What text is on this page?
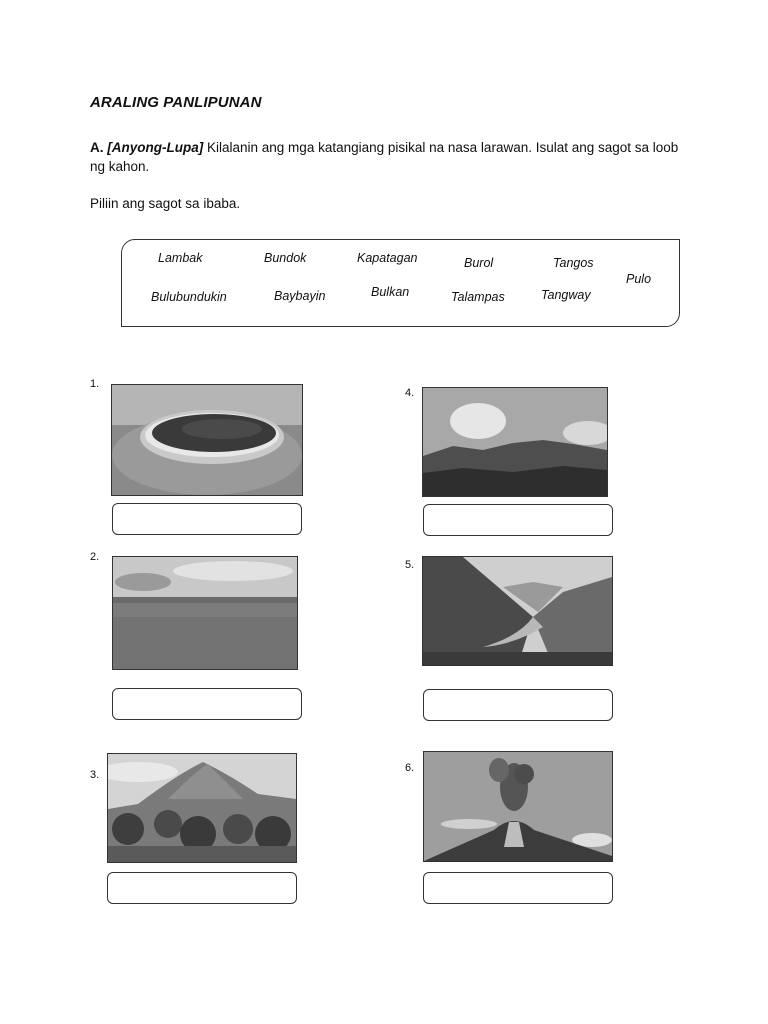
ARALING PANLIPUNAN
A. [Anyong-Lupa] Kilalanin ang mga katangiang pisikal na nasa larawan. Isulat ang sagot sa loob ng kahon.
Piliin ang sagot sa ibaba.
Lambak	Bundok	Kapatagan	Burol	Tangos
Pulo
Bulubundukin	Baybayin	Bulkan	Talampas	Tangway
1.
2.
3.
4.
5.
6.
